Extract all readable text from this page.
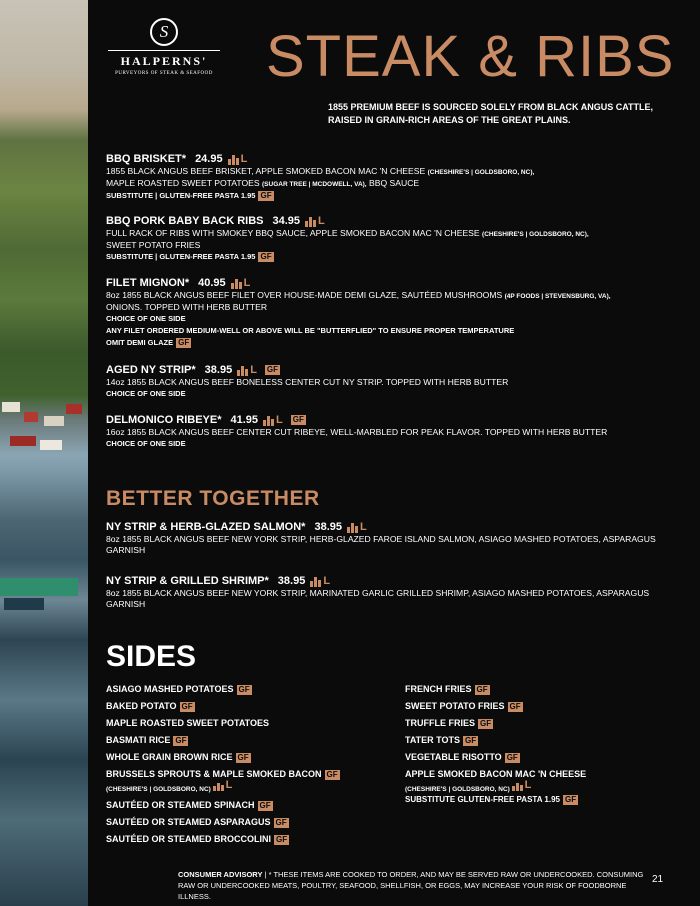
S
HALPERNS'
PURVEYORS OF STEAK & SEAFOOD STEAK & RIBS
1855 PREMIUM BEEF IS SOURCED SOLELY FROM BLACK ANGUS CATTLE, RAISED IN GRAIN-RICH AREAS OF THE GREAT PLAINS.
BBQ BRISKET* 24.95 L
1855 BLACK ANGUS BEEF BRISKET, APPLE SMOKED BACON MAC 'N CHEESE (CHESHIRE'S | GOLDSBORO, NC),
MAPLE ROASTED SWEET POTATOES (SUGAR TREE | MCDOWELL, VA), BBQ SAUCE
SUBSTITUTE | GLUTEN-FREE PASTA 1.95 GF
BBQ PORK BABY BACK RIBS 34.95 L
FULL RACK OF RIBS WITH SMOKEY BBQ SAUCE, APPLE SMOKED BACON MAC 'N CHEESE (CHESHIRE'S | GOLDSBORO, NC),
SWEET POTATO FRIES
SUBSTITUTE | GLUTEN-FREE PASTA 1.95 GF
FILET MIGNON* 40.95 L
8oz 1855 BLACK ANGUS BEEF FILET OVER HOUSE-MADE DEMI GLAZE, SAUTÉED MUSHROOMS (4P FOODS | STEVENSBURG, VA),
ONIONS. TOPPED WITH HERB BUTTER
CHOICE OF ONE SIDE
ANY FILET ORDERED MEDIUM-WELL OR ABOVE WILL BE "BUTTERFLIED" TO ENSURE PROPER TEMPERATURE
OMIT DEMI GLAZE GF
AGED NY STRIP* 38.95 L GF
14oz 1855 BLACK ANGUS BEEF BONELESS CENTER CUT NY STRIP. TOPPED WITH HERB BUTTER
CHOICE OF ONE SIDE
DELMONICO RIBEYE* 41.95 L GF
16oz 1855 BLACK ANGUS BEEF CENTER CUT RIBEYE, WELL-MARBLED FOR PEAK FLAVOR. TOPPED WITH HERB BUTTER
CHOICE OF ONE SIDE
BETTER TOGETHER
NY STRIP & HERB-GLAZED SALMON* 38.95 L
8oz 1855 BLACK ANGUS BEEF NEW YORK STRIP, HERB-GLAZED FAROE ISLAND SALMON, ASIAGO MASHED POTATOES, ASPARAGUS GARNISH
NY STRIP & GRILLED SHRIMP* 38.95 L
8oz 1855 BLACK ANGUS BEEF NEW YORK STRIP, MARINATED GARLIC GRILLED SHRIMP, ASIAGO MASHED POTATOES, ASPARAGUS GARNISH
SIDES
ASIAGO MASHED POTATOES GF
BAKED POTATO GF
MAPLE ROASTED SWEET POTATOES
BASMATI RICE GF
WHOLE GRAIN BROWN RICE GF
BRUSSELS SPROUTS & MAPLE SMOKED BACON GF
(CHESHIRE'S | GOLDSBORO, NC) L
SAUTÉED OR STEAMED SPINACH GF
SAUTÉED OR STEAMED ASPARAGUS GF
SAUTÉED OR STEAMED BROCCOLINI GF
FRENCH FRIES GF
SWEET POTATO FRIES GF
TRUFFLE FRIES GF
TATER TOTS GF
VEGETABLE RISOTTO GF
APPLE SMOKED BACON MAC 'N CHEESE
(CHESHIRE'S | GOLDSBORO, NC) L
SUBSTITUTE GLUTEN-FREE PASTA 1.95 GF
CONSUMER ADVISORY | * THESE ITEMS ARE COOKED TO ORDER, AND MAY BE SERVED RAW OR UNDERCOOKED. CONSUMING RAW OR UNDERCOOKED MEATS, POULTRY, SEAFOOD, SHELLFISH, OR EGGS, MAY INCREASE YOUR RISK OF FOODBORNE ILLNESS.
21
